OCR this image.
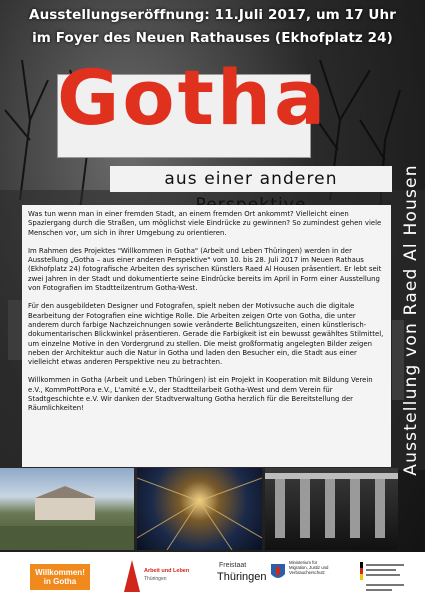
Ausstellungseröffnung: 11.Juli 2017, um 17 Uhr
im Foyer des Neuen Rathauses (Ekhofplatz 24)
Gotha
aus einer anderen	Ausstellung von Raed Al Housen

Was tun wenn man in einer fremden Stadt, an einem fremden Ort ankommt? Vielleicht einen Spaziergang durch die Straßen, um möglichst viele Eindrücke zu gewinnen? So zumindest gehen viele Menschen vor, um sich in ihrer Umgebung zu orientieren.

Im Rahmen des Projektes "Willkommen in Gotha" (Arbeit und Leben Thüringen) werden in der Ausstellung „Gotha – aus einer anderen Perspektive" vom 10. bis 28. Juli 2017 im Neuen Rathaus (Ekhofplatz 24) fotografische Arbeiten des syrischen Künstlers Raed Al Housen präsentiert. Er lebt seit zwei Jahren in der Stadt und dokumentierte seine Eindrücke bereits im April in Form einer Ausstellung von Fotografien im Stadtteilzentrum Gotha-West.

Für den ausgebildeten Designer und Fotografen, spielt neben der Motivsuche auch die digitale Bearbeitung der Fotografien eine wichtige Rolle. Die Arbeiten zeigen Orte von Gotha, die unter anderem durch farbige Nachzeichnungen sowie veränderte Belichtungszeiten, einen künstlerisch-dokumentarischen Blickwinkel präsentieren. Gerade die Farbigkeit ist ein bewusst gewähltes Stilmittel, um einzelne Motive in den Vordergrund zu stellen. Die meist großformatig angelegten Bilder zeigen neben der Architektur auch die Natur in Gotha und laden den Besucher ein, die Stadt aus einer vielleicht etwas anderen Perspektive neu zu betrachten.

Willkommen in Gotha (Arbeit und Leben Thüringen) ist ein Projekt in Kooperation mit Bildung Verein e.V., KommPottPora e.V., L'amité e.V., der Stadtteilarbeit Gotha-West und dem Verein für Stadtgeschichte e.V. Wir danken der Stadtverwaltung Gotha herzlich für die Bereitstellung der Räumlichkeiten!

Willkommen! in Gotha
Arbeit und Leben
Thüringen
Freistaat
Thüringen
Ministerium für Migration, Justiz und Verbraucherschutz
